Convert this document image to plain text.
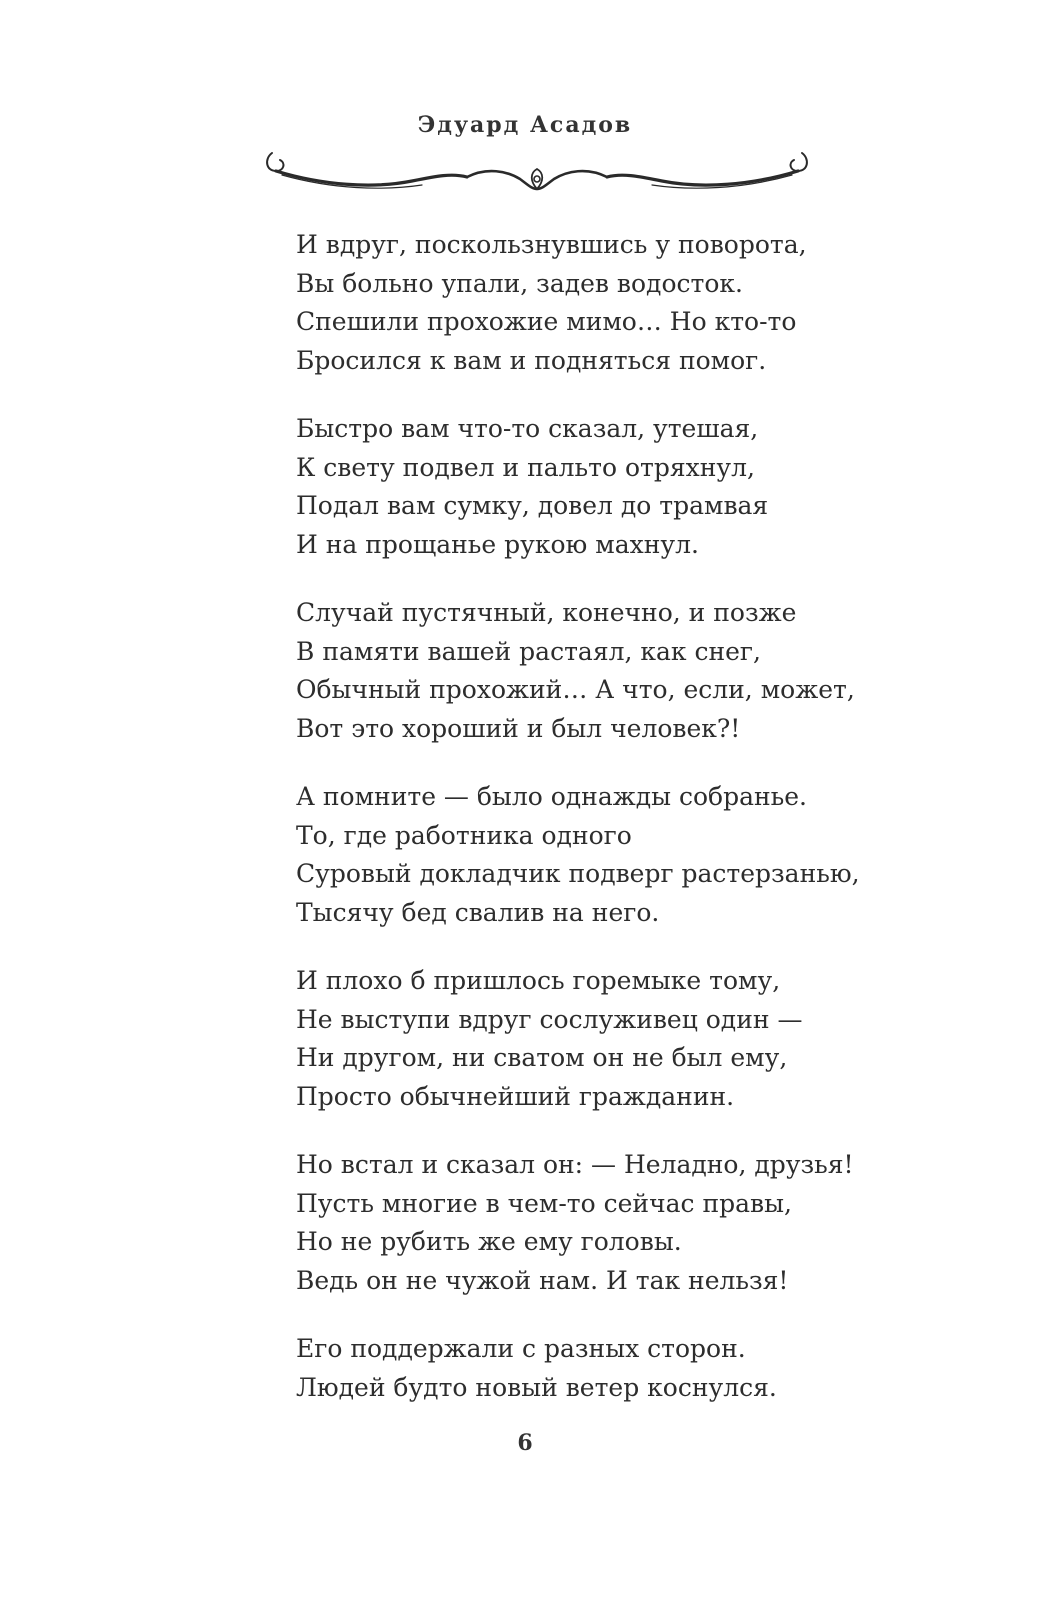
Эдуард Асадов
И вдруг, поскользнувшись у поворота,
Вы больно упали, задев водосток.
Спешили прохожие мимо… Но кто-то
Бросился к вам и подняться помог.
Быстро вам что-то сказал, утешая,
К свету подвел и пальто отряхнул,
Подал вам сумку, довел до трамвая
И на прощанье рукою махнул.
Случай пустячный, конечно, и позже
В памяти вашей растаял, как снег,
Обычный прохожий… А что, если, может,
Вот это хороший и был человек?!
А помните — было однажды собранье.
То, где работника одного
Суровый докладчик подверг растерзанью,
Тысячу бед свалив на него.
И плохо б пришлось горемыке тому,
Не выступи вдруг сослуживец один —
Ни другом, ни сватом он не был ему,
Просто обычнейший гражданин.
Но встал и сказал он: — Неладно, друзья!
Пусть многие в чем-то сейчас правы,
Но не рубить же ему головы.
Ведь он не чужой нам. И так нельзя!
Его поддержали с разных сторон.
Людей будто новый ветер коснулся.
6
